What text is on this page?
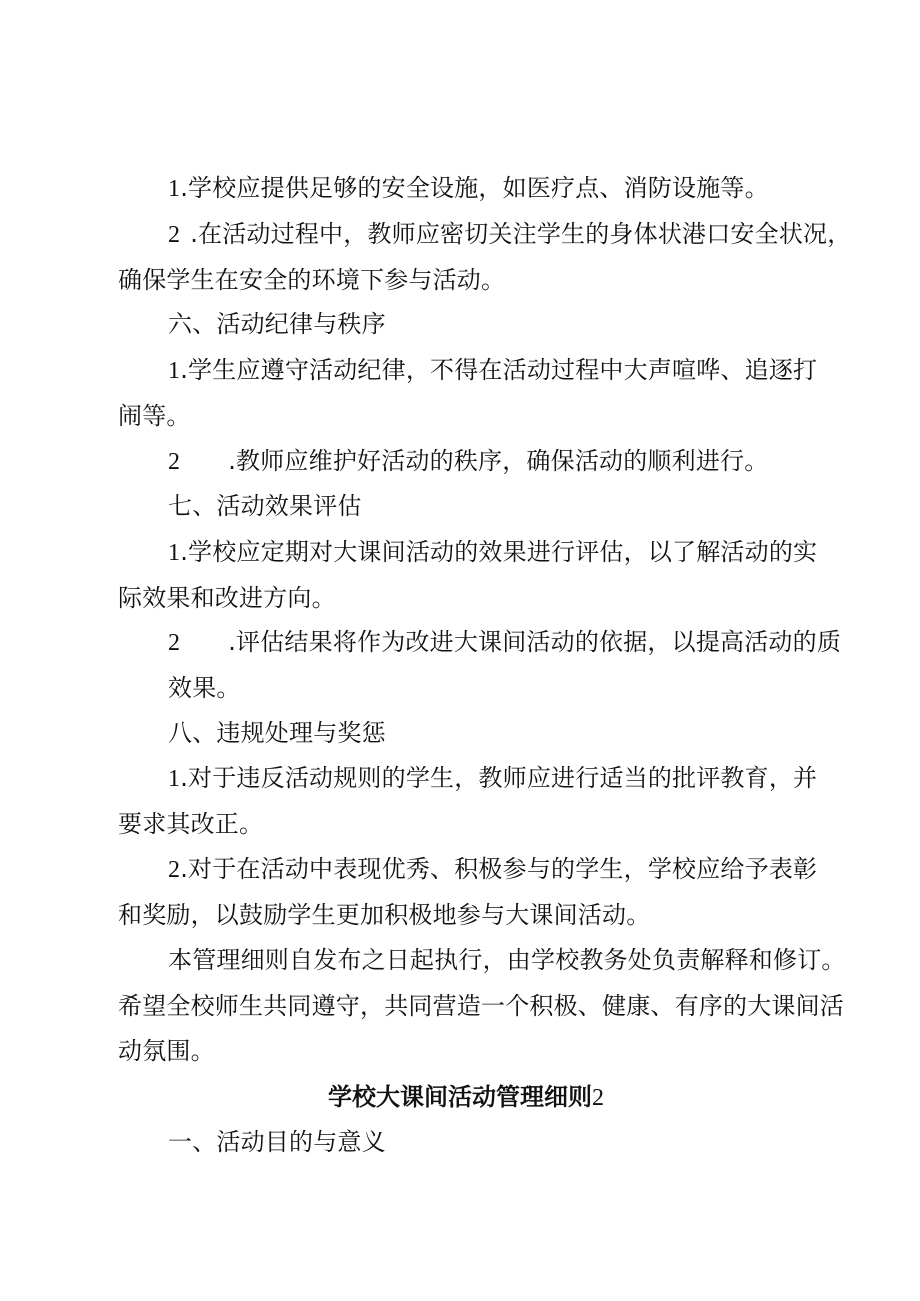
1.学校应提供足够的安全设施，如医疗点、消防设施等。
2 .在活动过程中，教师应密切关注学生的身体状港口安全状况，
确保学生在安全的环境下参与活动。
六、活动纪律与秩序
1.学生应遵守活动纪律，不得在活动过程中大声喧哗、追逐打
闹等。
2 .教师应维护好活动的秩序，确保活动的顺利进行。
七、活动效果评估
1.学校应定期对大课间活动的效果进行评估，以了解活动的实
际效果和改进方向。
2 .评估结果将作为改进大课间活动的依据，以提高活动的质
效果。
八、违规处理与奖惩
1.对于违反活动规则的学生，教师应进行适当的批评教育，并
要求其改正。
2.对于在活动中表现优秀、积极参与的学生，学校应给予表彰
和奖励，以鼓励学生更加积极地参与大课间活动。
本管理细则自发布之日起执行，由学校教务处负责解释和修订。
希望全校师生共同遵守，共同营造一个积极、健康、有序的大课间活
动氛围。
学校大课间活动管理细则2
一、活动目的与意义
